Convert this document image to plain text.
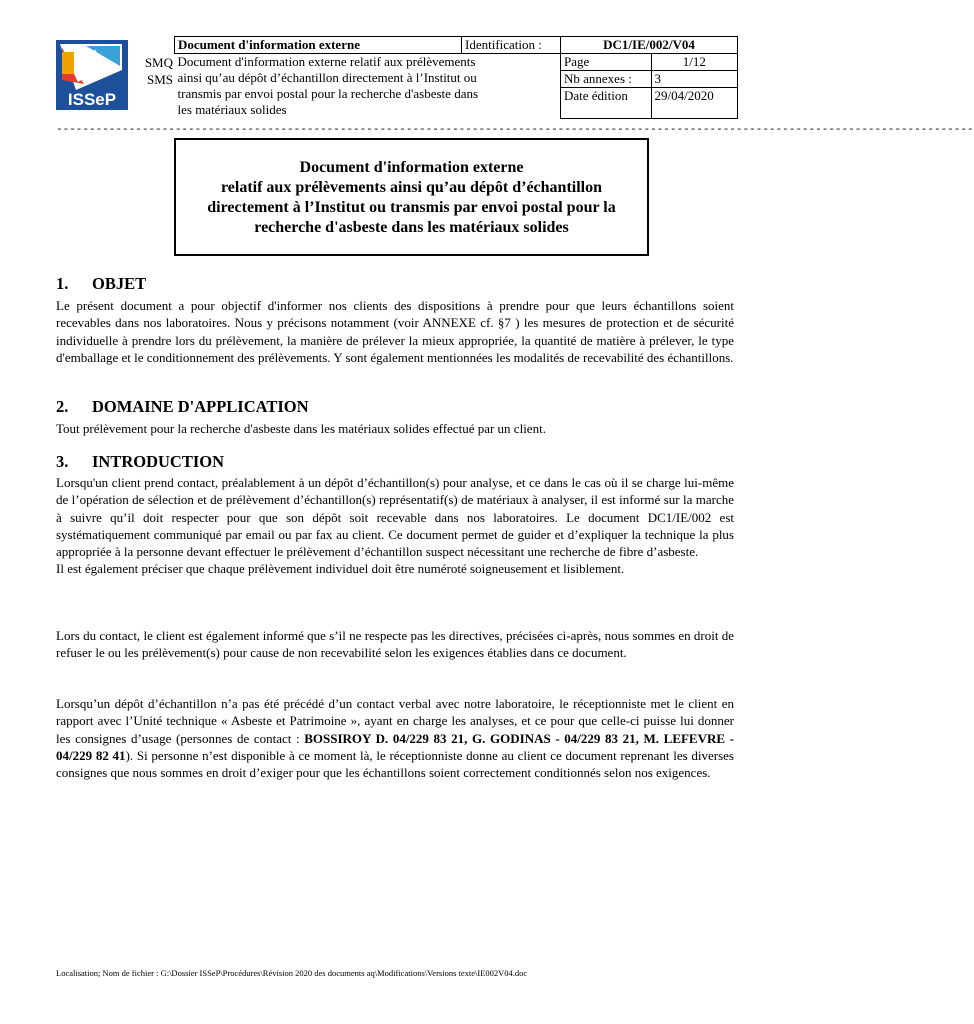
ISSeP
SMQ
SMS
Document d'information externe	Identification :	DC1/IE/002/V04	

Document d'information externe relatif aux prélèvements
ainsi qu’au dépôt d’échantillon directement à l’Institut ou
transmis par envoi postal pour la recherche d'asbeste dans
les matériaux solides		Page	1/12
		Nb annexes :	3
		Date édition	29/04/2020
-------------------------------------------------------------------------------------------------------------------------------------------
Document d'information externe
relatif aux prélèvements ainsi qu’au dépôt d’échantillon
directement à l’Institut ou transmis par envoi postal pour la
recherche d'asbeste dans les matériaux solides
1. OBJET
Le présent document a pour objectif d'informer nos clients des dispositions à prendre pour que leurs échantillons soient recevables dans nos laboratoires. Nous y précisons notamment (voir ANNEXE cf. §7 ) les mesures de protection et de sécurité individuelle à prendre lors du prélèvement, la manière de prélever la mieux appropriée, la quantité de matière à prélever, le type d'emballage et le conditionnement des prélèvements. Y sont également mentionnées les modalités de recevabilité des échantillons.
2. DOMAINE D'APPLICATION
Tout prélèvement pour la recherche d'asbeste dans les matériaux solides effectué par un client.
3. INTRODUCTION
Lorsqu'un client prend contact, préalablement à un dépôt d’échantillon(s) pour analyse, et ce dans le cas où il se charge lui-même de l’opération de sélection et de prélèvement d’échantillon(s) représentatif(s) de matériaux à analyser, il est informé sur la marche à suivre qu’il doit respecter pour que son dépôt soit recevable dans nos laboratoires. Le document DC1/IE/002 est systématiquement communiqué par email ou par fax au client. Ce document permet de guider et d’expliquer la technique la plus appropriée à la personne devant effectuer le prélèvement d’échantillon suspect nécessitant une recherche de fibre d’asbeste.
Il est également préciser que chaque prélèvement individuel doit être numéroté soigneusement et lisiblement.
Lors du contact, le client est également informé que s’il ne respecte pas les directives, précisées ci-après, nous sommes en droit de refuser le ou les prélèvement(s) pour cause de non recevabilité selon les exigences établies dans ce document.
Lorsqu’un dépôt d’échantillon n’a pas été précédé d’un contact verbal avec notre laboratoire, le réceptionniste met le client en rapport avec l’Unité technique « Asbeste et Patrimoine », ayant en charge les analyses, et ce pour que celle-ci puisse lui donner les consignes d’usage (personnes de contact : BOSSIROY D. 04/229 83 21, G. GODINAS - 04/229 83 21, M. LEFEVRE - 04/229 82 41). Si personne n’est disponible à ce moment là, le réceptionniste donne au client ce document reprenant les diverses consignes que nous sommes en droit d’exiger pour que les échantillons soient correctement conditionnés selon nos exigences.
Localisation; Nom de fichier : G:\Dossier ISSeP\Procédures\Révision 2020 des documents aq\Modifications\Versions texte\IE002V04.doc
